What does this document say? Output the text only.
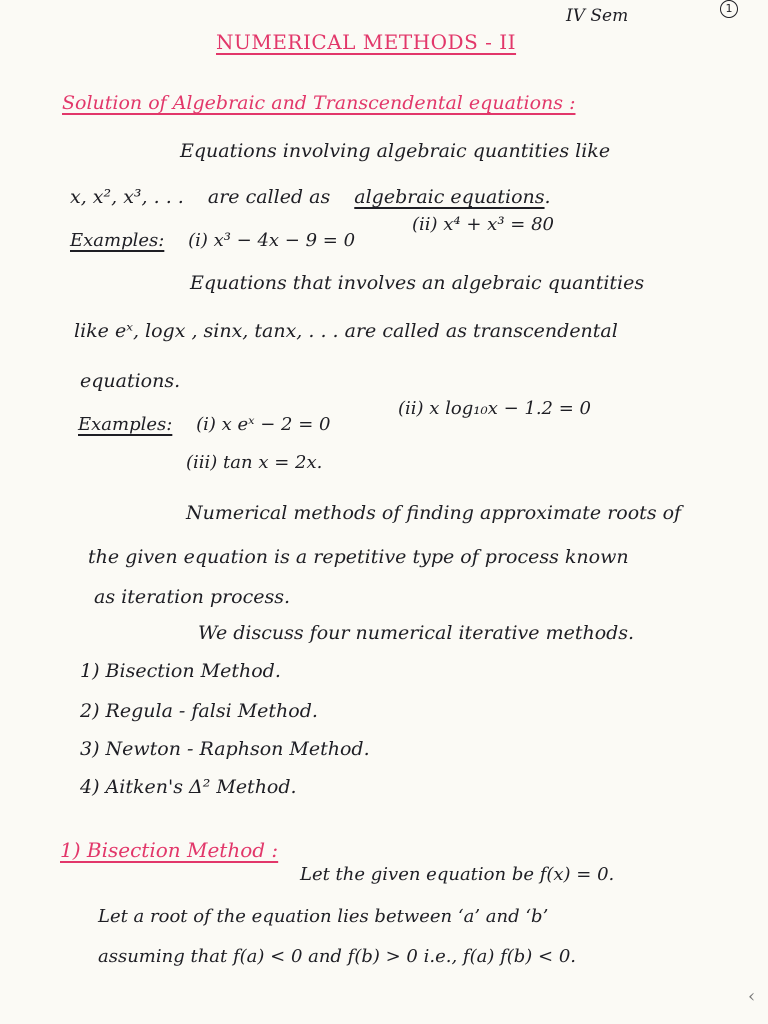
1
IV Sem
NUMERICAL METHODS - II
Solution of Algebraic and Transcendental equations :
Equations involving algebraic quantities like
x, x², x³, . . . are called as algebraic equations.
Examples: (i) x³ − 4x − 9 = 0
(ii) x⁴ + x³ = 80
Equations that involves an algebraic quantities
like eˣ, logx , sinx, tanx, . . . are called as transcendental
equations.
Examples: (i) x eˣ − 2 = 0
(ii) x log₁₀x − 1.2 = 0
(iii) tan x = 2x.
Numerical methods of finding approximate roots of
the given equation is a repetitive type of process known
as iteration process.
We discuss four numerical iterative methods.
1) Bisection Method.
2) Regula - falsi Method.
3) Newton - Raphson Method.
4) Aitken's Δ² Method.
1) Bisection Method :
Let the given equation be f(x) = 0.
Let a root of the equation lies between ‘a’ and ‘b’
assuming that f(a) < 0 and f(b) > 0 i.e., f(a) f(b) < 0.
‹
